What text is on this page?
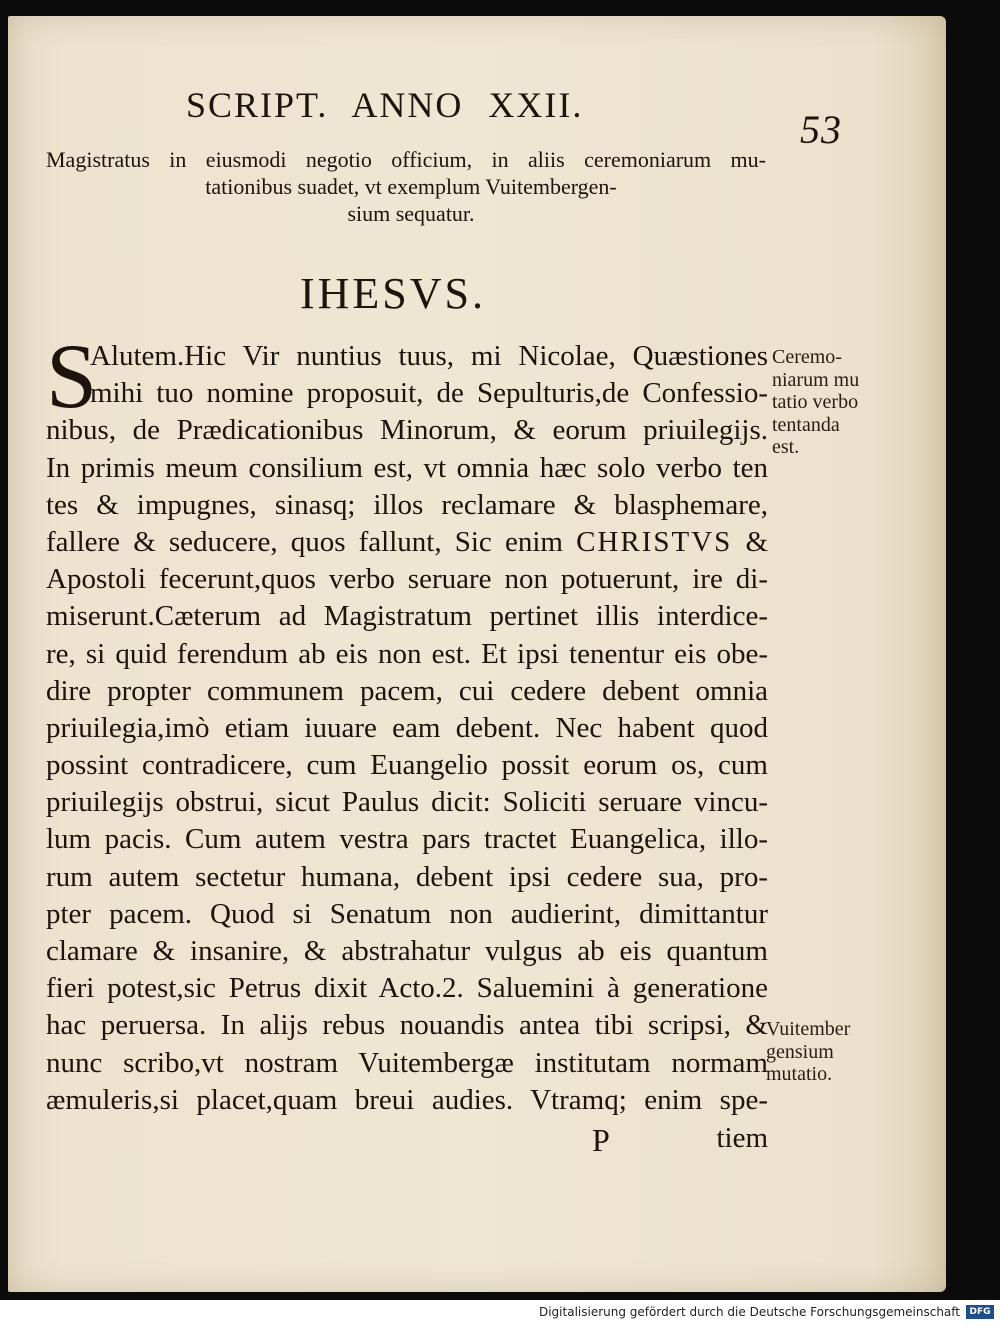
SCRIPT. ANNO XXII.
53
Magistratus in eiusmodi negotio officium, in aliis ceremoniarum mu-
tationibus suadet, vt exemplum Vuitembergen-
sium sequatur.
IHESVS.
S
Alutem.Hic Vir nuntius tuus, mi Nicolae, Quæstiones
mihi tuo nomine proposuit, de Sepulturis,de Confessio-
nibus, de Prædicationibus Minorum, & eorum priuilegijs.
In primis meum consilium est, vt omnia hæc solo verbo ten
tes & impugnes, sinasq; illos reclamare & blasphemare,
fallere & seducere, quos fallunt, Sic enim CHRISTVS &
Apostoli fecerunt,quos verbo seruare non potuerunt, ire di-
miserunt.Cæterum ad Magistratum pertinet illis interdice-
re, si quid ferendum ab eis non est. Et ipsi tenentur eis obe-
dire propter communem pacem, cui cedere debent omnia
priuilegia,imò etiam iuuare eam debent. Nec habent quod
possint contradicere, cum Euangelio possit eorum os, cum
priuilegijs obstrui, sicut Paulus dicit: Soliciti seruare vincu-
lum pacis. Cum autem vestra pars tractet Euangelica, illo-
rum autem sectetur humana, debent ipsi cedere sua, pro-
pter pacem. Quod si Senatum non audierint, dimittantur
clamare & insanire, & abstrahatur vulgus ab eis quantum
fieri potest,sic Petrus dixit Acto.2. Saluemini à generatione
hac peruersa. In alijs rebus nouandis antea tibi scripsi, &
nunc scribo,vt nostram Vuitembergæ institutam normam
æmuleris,si placet,quam breui audies. Vtramq; enim spe-
P	tiem
Ceremo-
niarum mu
tatio verbo
tentanda
est.
Vuitember
gensium
mutatio.
Digitalisierung gefördert durch die Deutsche Forschungsgemeinschaft	DFG
